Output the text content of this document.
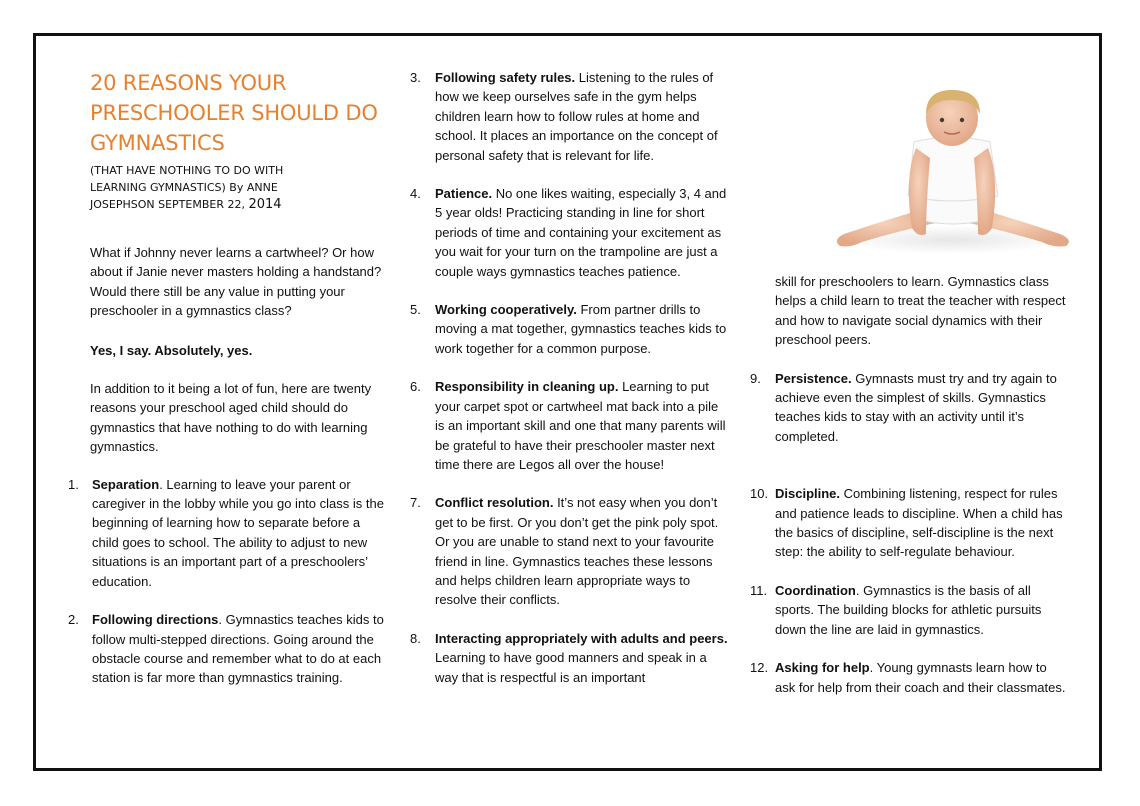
20 REASONS YOUR
PRESCHOOLER SHOULD DO
GYMNASTICS

(THAT HAVE NOTHING TO DO WITH
LEARNING GYMNASTICS) By ANNE
JOSEPHSON SEPTEMBER 22, 2014

What if Johnny never learns a cartwheel? Or how about if Janie never masters holding a handstand? Would there still be any value in putting your preschooler in a gymnastics class?

Yes, I say. Absolutely, yes.

In addition to it being a lot of fun, here are twenty reasons your preschool aged child should do gymnastics that have nothing to do with learning gymnastics.

1. Separation. Learning to leave your parent or caregiver in the lobby while you go into class is the beginning of learning how to separate before a child goes to school. The ability to adjust to new situations is an important part of a preschoolers’ education.
2. Following directions. Gymnastics teaches kids to follow multi-stepped directions. Going around the obstacle course and remember what to do at each station is far more than gymnastics training.
3. Following safety rules. Listening to the rules of how we keep ourselves safe in the gym helps children learn how to follow rules at home and school. It places an importance on the concept of personal safety that is relevant for life.
4. Patience. No one likes waiting, especially 3, 4 and 5 year olds! Practicing standing in line for short periods of time and containing your excitement as you wait for your turn on the trampoline are just a couple ways gymnastics teaches patience.
5. Working cooperatively. From partner drills to moving a mat together, gymnastics teaches kids to work together for a common purpose.
6. Responsibility in cleaning up. Learning to put your carpet spot or cartwheel mat back into a pile is an important skill and one that many parents will be grateful to have their preschooler master next time there are Legos all over the house!
7. Conflict resolution. It’s not easy when you don’t get to be first. Or you don’t get the pink poly spot. Or you are unable to stand next to your favourite friend in line. Gymnastics teaches these lessons and helps children learn appropriate ways to resolve their conflicts.
8. Interacting appropriately with adults and peers. Learning to have good manners and speak in a way that is respectful is an important

skill for preschoolers to learn. Gymnastics class helps a child learn to treat the teacher with respect and how to navigate social dynamics with their preschool peers.

9. Persistence. Gymnasts must try and try again to achieve even the simplest of skills. Gymnastics teaches kids to stay with an activity until it’s completed.
10. Discipline. Combining listening, respect for rules and patience leads to discipline. When a child has the basics of discipline, self-discipline is the next step: the ability to self-regulate behaviour.
11. Coordination. Gymnastics is the basis of all sports. The building blocks for athletic pursuits down the line are laid in gymnastics.
12. Asking for help. Young gymnasts learn how to ask for help from their coach and their classmates.
